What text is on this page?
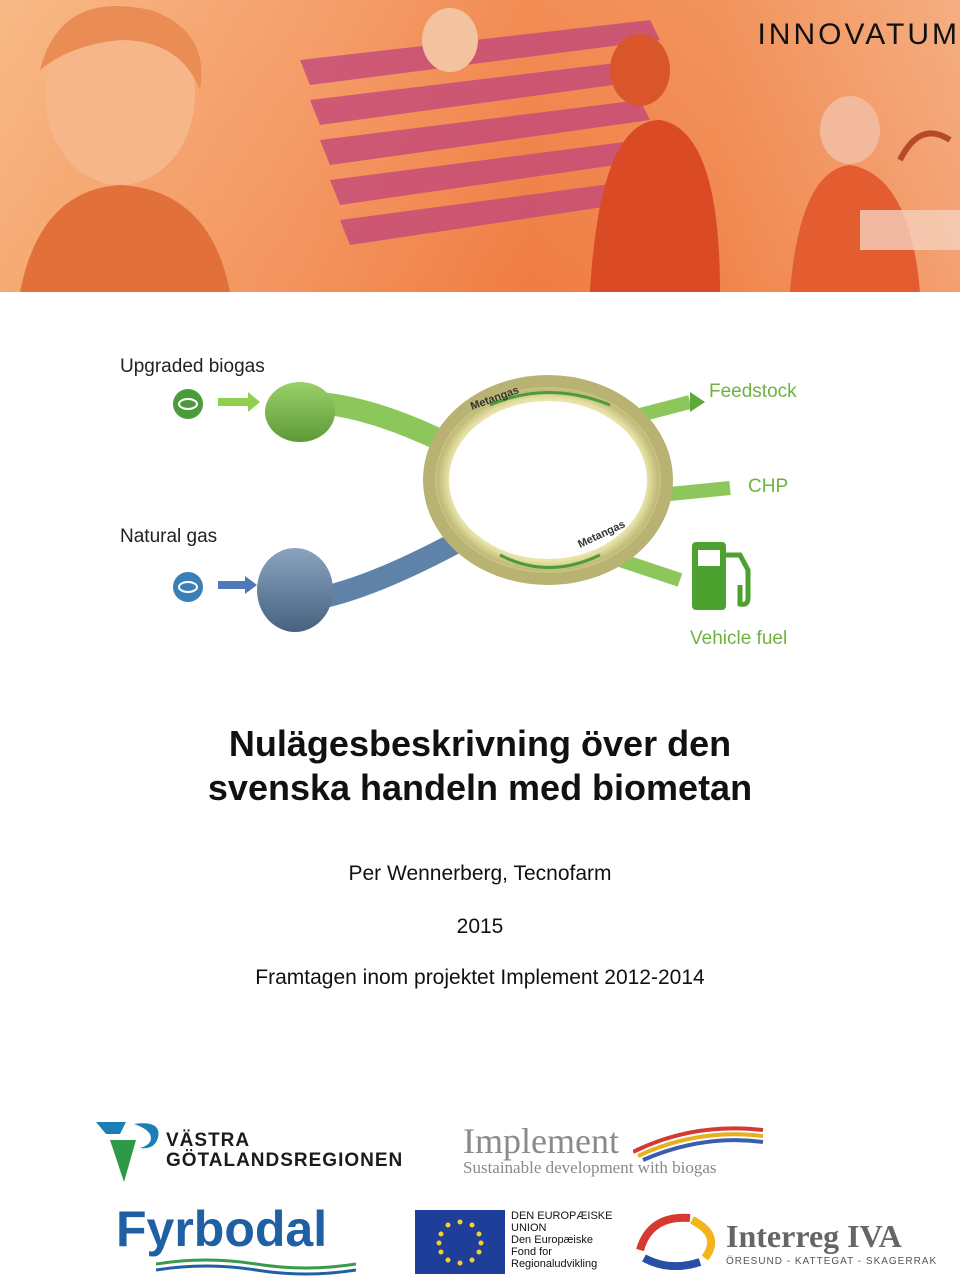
INNOVATUM
Metangas
Metangas
Upgraded biogas
Natural gas
Feedstock
CHP
Vehicle fuel
Nulägesbeskrivning över den
svenska handeln med biometan
Per Wennerberg, Tecnofarm
2015
Framtagen inom projektet Implement 2012-2014
VÄSTRA
GÖTALANDSREGIONEN Implement
Sustainable development with biogas
Fyrbodal	DEN EUROPÆISKE
UNION
Den Europæiske
Fond for
Regionaludvikling
Interreg IVA
ÖRESUND - KATTEGAT - SKAGERRAK
